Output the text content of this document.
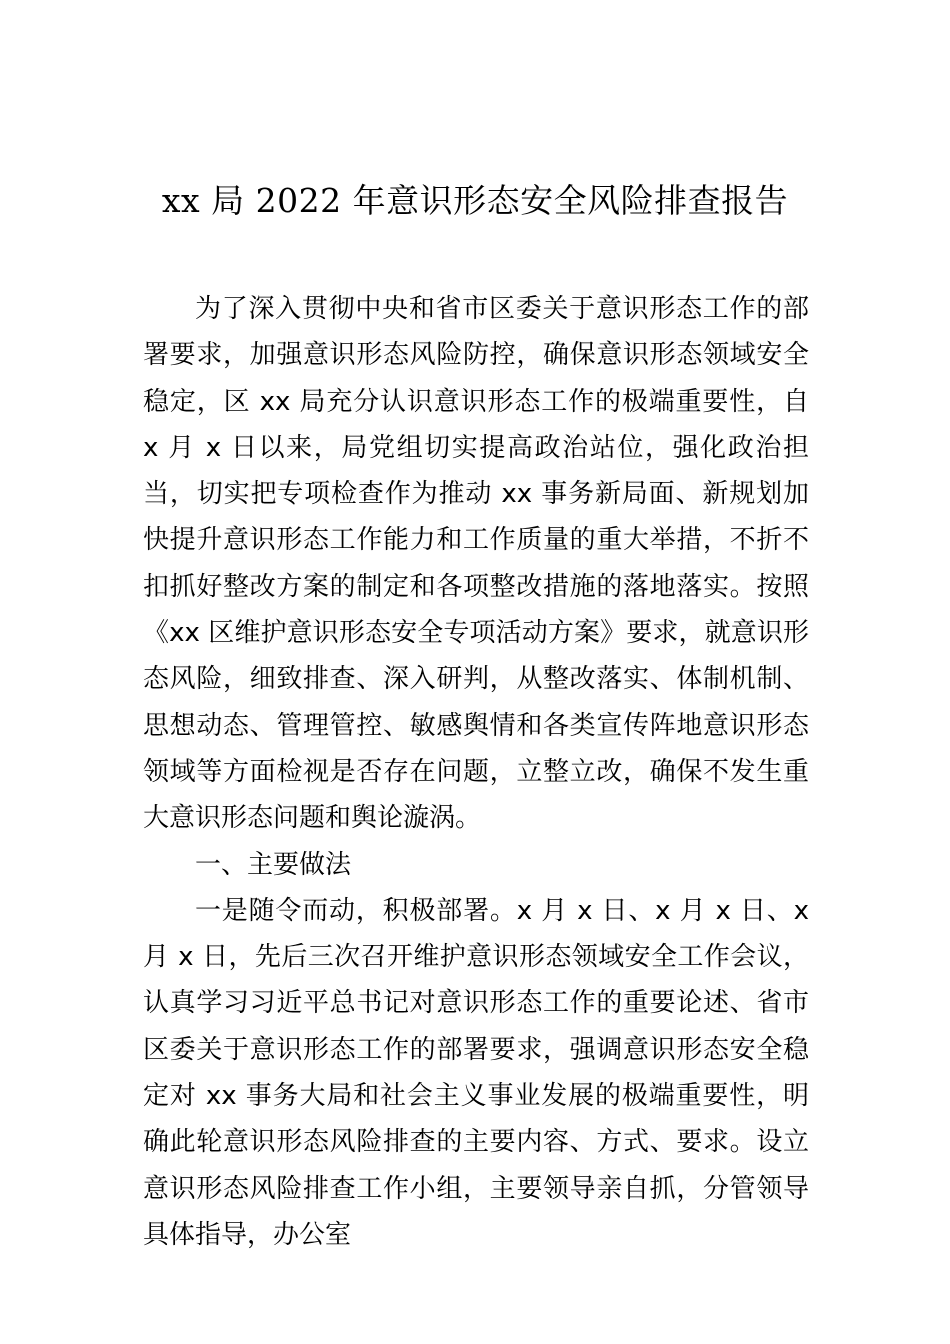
xx 局 2022 年意识形态安全风险排查报告

为了深入贯彻中央和省市区委关于意识形态工作的部署要求，加强意识形态风险防控，确保意识形态领域安全稳定，区 xx 局充分认识意识形态工作的极端重要性，自 x 月 x 日以来，局党组切实提高政治站位，强化政治担当，切实把专项检查作为推动 xx 事务新局面、新规划加快提升意识形态工作能力和工作质量的重大举措，不折不扣抓好整改方案的制定和各项整改措施的落地落实。按照《xx 区维护意识形态安全专项活动方案》要求，就意识形态风险，细致排查、深入研判，从整改落实、体制机制、思想动态、管理管控、敏感舆情和各类宣传阵地意识形态领域等方面检视是否存在问题，立整立改，确保不发生重大意识形态问题和舆论漩涡。

一、主要做法

一是随令而动，积极部署。x 月 x 日、x 月 x 日、x 月 x 日，先后三次召开维护意识形态领域安全工作会议，认真学习习近平总书记对意识形态工作的重要论述、省市区委关于意识形态工作的部署要求，强调意识形态安全稳定对 xx 事务大局和社会主义事业发展的极端重要性，明确此轮意识形态风险排查的主要内容、方式、要求。设立意识形态风险排查工作小组，主要领导亲自抓，分管领导具体指导，办公室
